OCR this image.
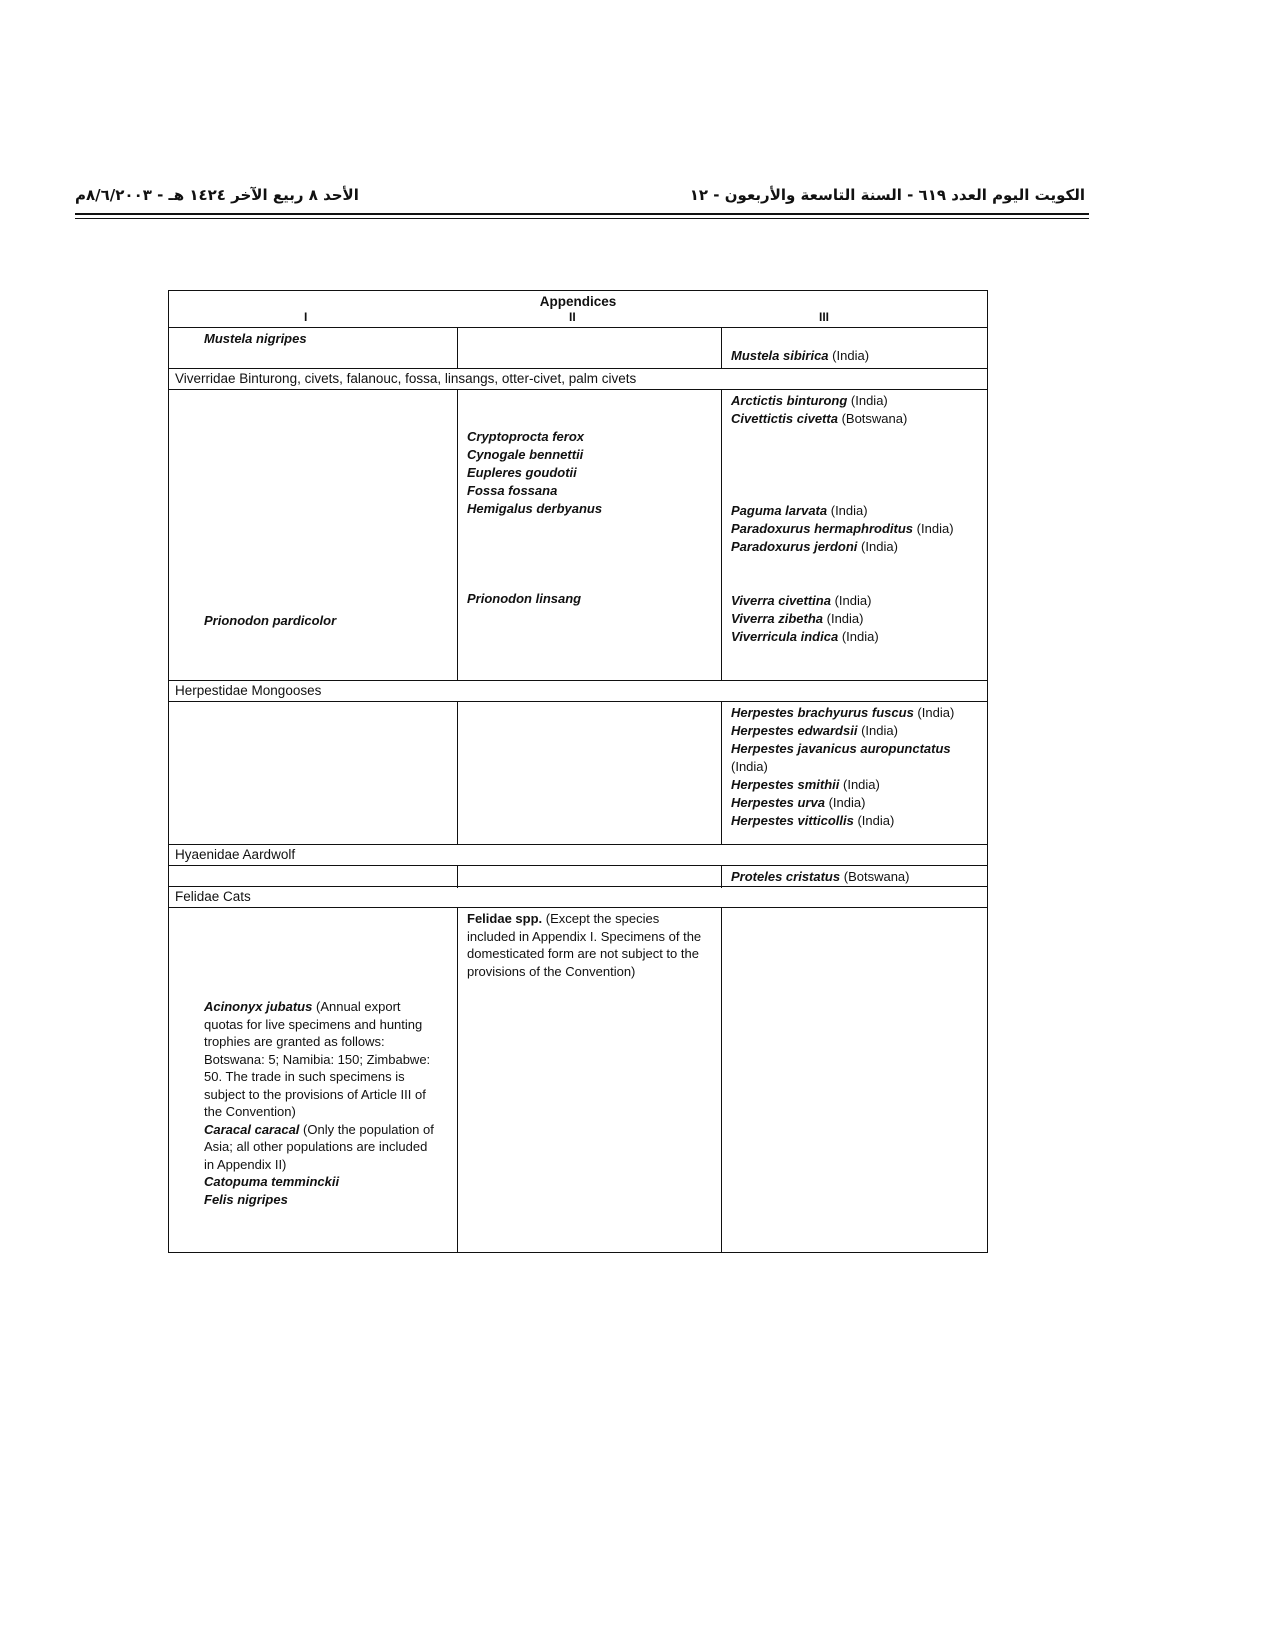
الكويت اليوم العدد ٦١٩ - السنة التاسعة والأربعون - ١٢
الأحد ٨ ربيع الآخر ١٤٢٤ هـ - ٨/٦/٢٠٠٣م
Appendices
I	II	III
Mustela nigripes
Mustela sibirica (India)
Viverridae Binturong, civets, falanouc, fossa, linsangs, otter-civet, palm civets
Prionodon pardicolor
Cryptoprocta ferox
Cynogale bennettii
Eupleres goudotii
Fossa fossana
Hemigalus derbyanus
Prionodon linsang
Arctictis binturong (India)
Civettictis civetta (Botswana)
Paguma larvata (India)
Paradoxurus hermaphroditus (India)
Paradoxurus jerdoni (India)
Viverra civettina (India)
Viverra zibetha (India)
Viverricula indica (India)
Herpestidae Mongooses
Herpestes brachyurus fuscus (India)
Herpestes edwardsii (India)
Herpestes javanicus auropunctatus (India)
Herpestes smithii (India)
Herpestes urva (India)
Herpestes vitticollis (India)
Hyaenidae Aardwolf
Proteles cristatus (Botswana)
Felidae Cats
Acinonyx jubatus (Annual export quotas for live specimens and hunting trophies are granted as follows: Botswana: 5; Namibia: 150; Zimbabwe: 50. The trade in such specimens is subject to the provisions of Article III of the Convention)
Caracal caracal (Only the population of Asia; all other populations are included in Appendix II)
Catopuma temminckii
Felis nigripes
Felidae spp. (Except the species included in Appendix I. Specimens of the domesticated form are not subject to the provisions of the Convention)
